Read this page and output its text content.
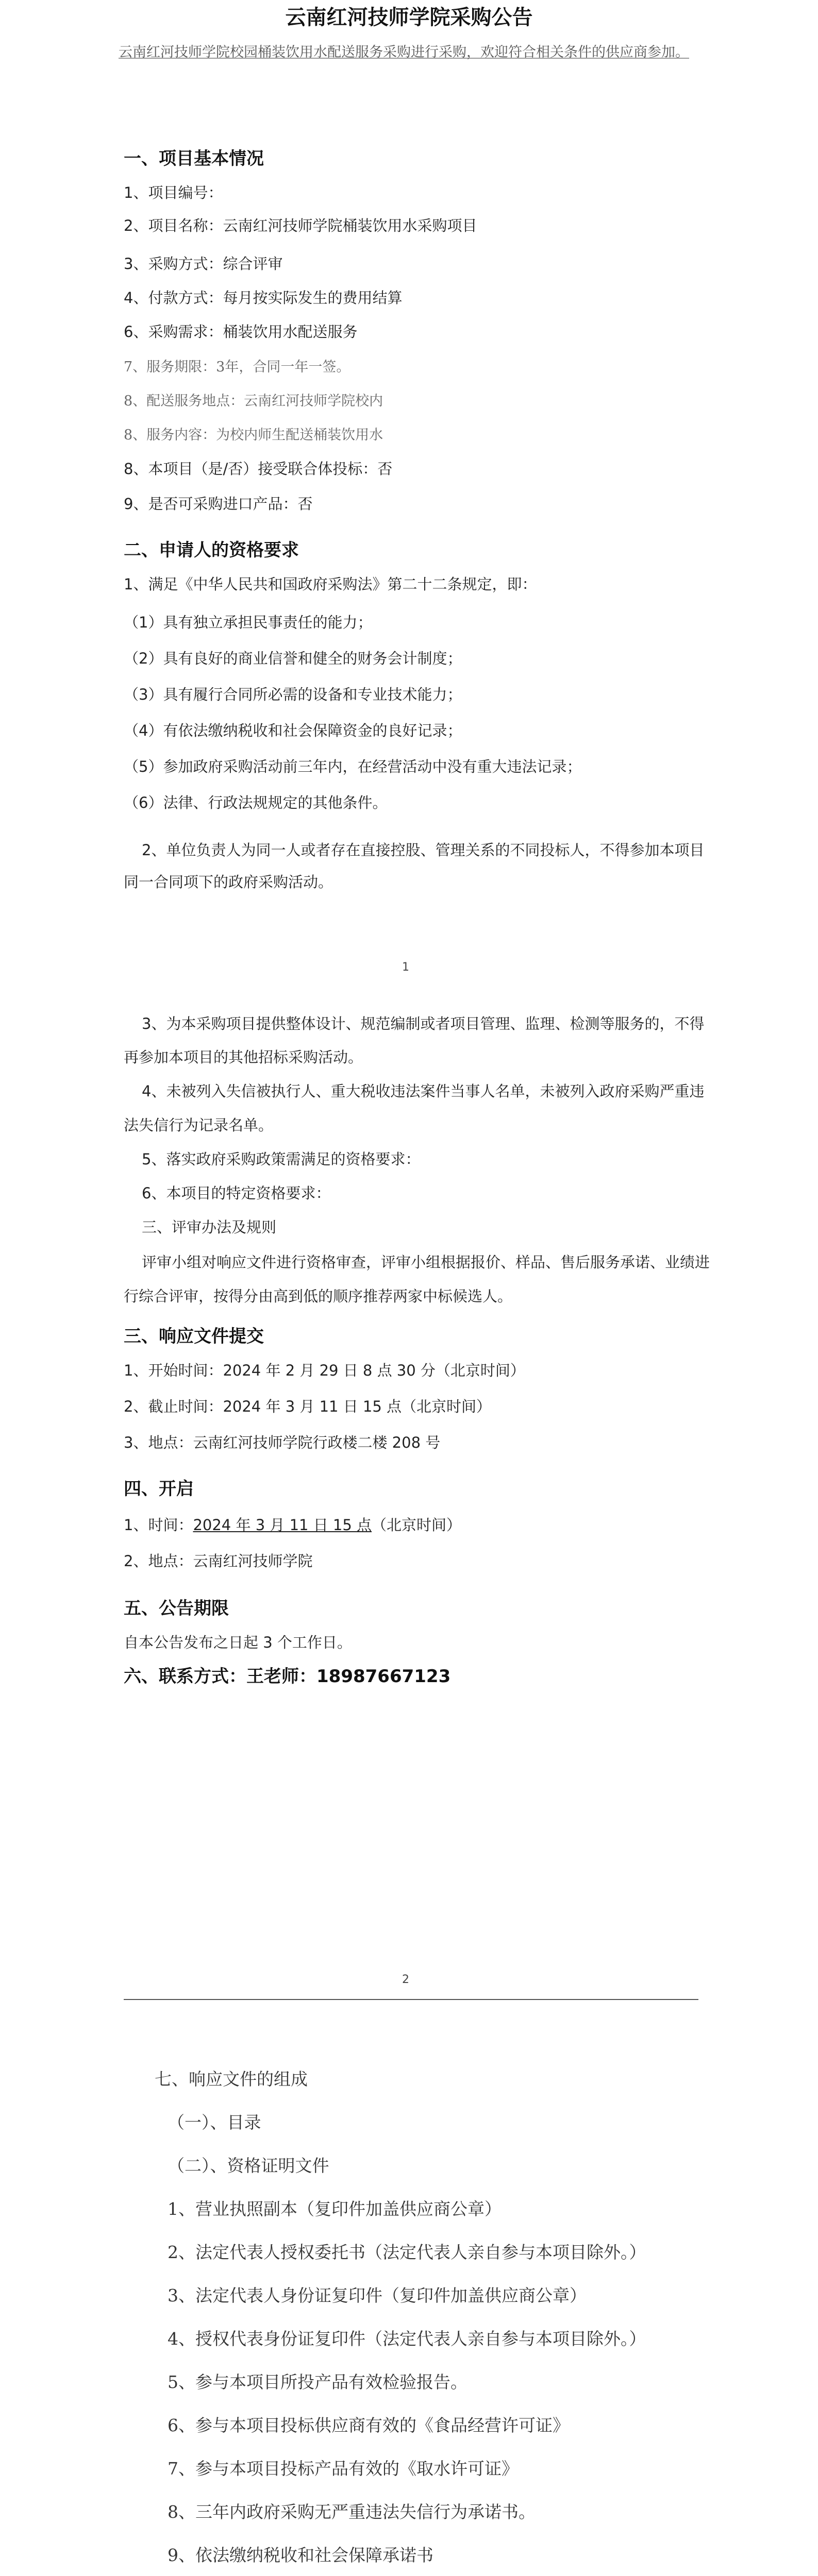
云南红河技师学院采购公告
云南红河技师学院校园桶装饮用水配送服务采购进行采购，欢迎符合相关条件的供应商参加。
一、项目基本情况
1、项目编号：
2、项目名称：云南红河技师学院桶装饮用水采购项目
3、采购方式：综合评审
4、付款方式：每月按实际发生的费用结算
6、采购需求：桶装饮用水配送服务
7、服务期限：3年，合同一年一签。
8、配送服务地点：云南红河技师学院校内
8、服务内容：为校内师生配送桶装饮用水
8、本项目（是/否）接受联合体投标：否
9、是否可采购进口产品：否
二、申请人的资格要求
1、满足《中华人民共和国政府采购法》第二十二条规定，即：
（1）具有独立承担民事责任的能力；
（2）具有良好的商业信誉和健全的财务会计制度；
（3）具有履行合同所必需的设备和专业技术能力；
（4）有依法缴纳税收和社会保障资金的良好记录；
（5）参加政府采购活动前三年内，在经营活动中没有重大违法记录；
（6）法律、行政法规规定的其他条件。
2、单位负责人为同一人或者存在直接控股、管理关系的不同投标人，不得参加本项目
同一合同项下的政府采购活动。
1
3、为本采购项目提供整体设计、规范编制或者项目管理、监理、检测等服务的，不得
再参加本项目的其他招标采购活动。
4、未被列入失信被执行人、重大税收违法案件当事人名单，未被列入政府采购严重违
法失信行为记录名单。
5、落实政府采购政策需满足的资格要求：
6、本项目的特定资格要求：
三、评审办法及规则
评审小组对响应文件进行资格审查，评审小组根据报价、样品、售后服务承诺、业绩进
行综合评审，按得分由高到低的顺序推荐两家中标候选人。
三、响应文件提交
1、开始时间：2024 年 2 月 29 日 8 点 30 分（北京时间）
2、截止时间：2024 年 3 月 11 日 15 点（北京时间）
3、地点：云南红河技师学院行政楼二楼 208 号
四、开启
1、时间：2024 年 3 月 11 日 15 点（北京时间）
2、地点：云南红河技师学院
五、公告期限
自本公告发布之日起 3 个工作日。
六、联系方式：王老师：18987667123
2
七、响应文件的组成
（一）、目录
（二）、资格证明文件
1、营业执照副本（复印件加盖供应商公章）
2、法定代表人授权委托书（法定代表人亲自参与本项目除外。）
3、法定代表人身份证复印件（复印件加盖供应商公章）
4、授权代表身份证复印件（法定代表人亲自参与本项目除外。）
5、参与本项目所投产品有效检验报告。
6、参与本项目投标供应商有效的《食品经营许可证》
7、参与本项目投标产品有效的《取水许可证》
8、三年内政府采购无严重违法失信行为承诺书。
9、依法缴纳税收和社会保障承诺书
